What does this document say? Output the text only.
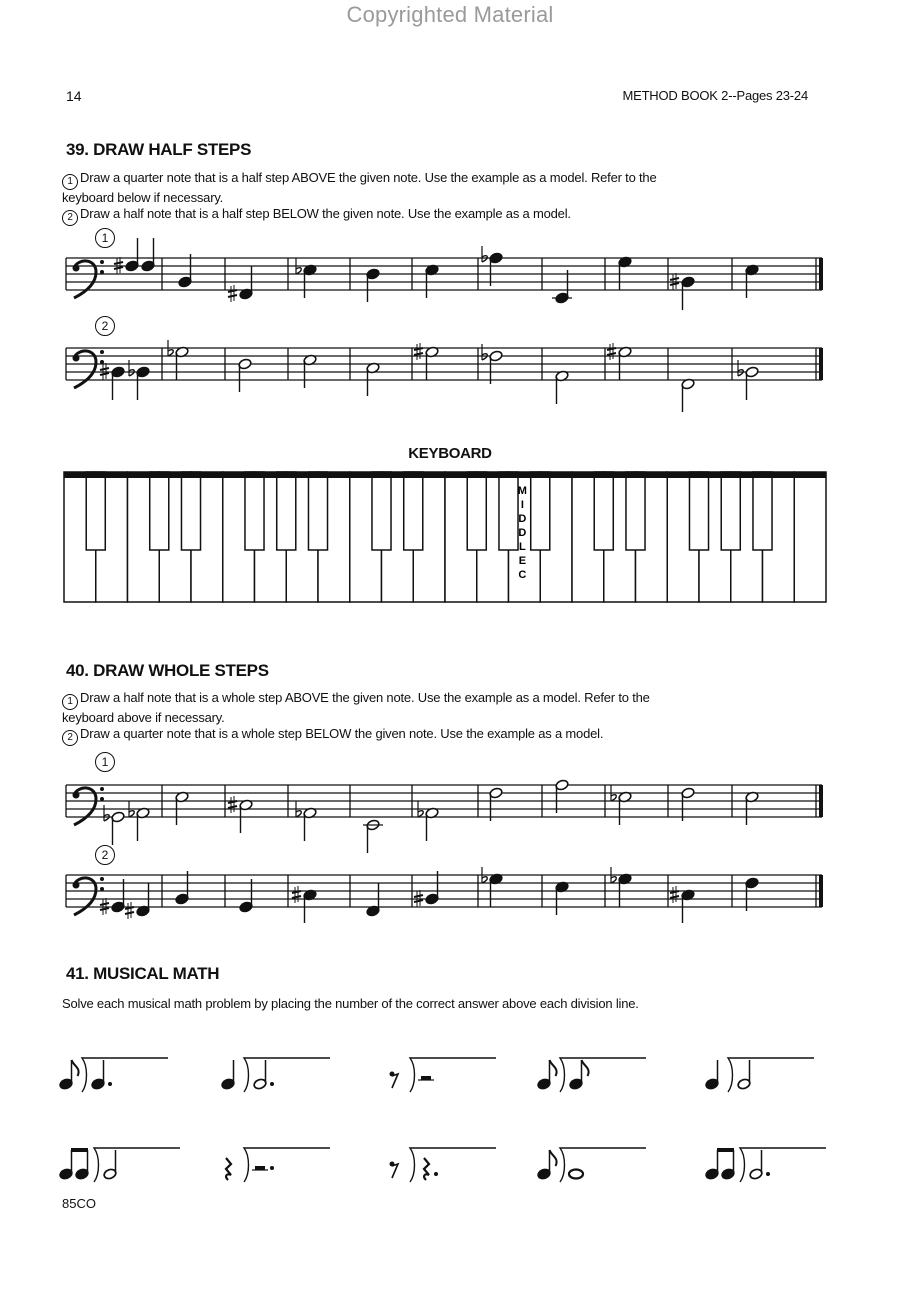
Copyrighted Material
14	METHOD BOOK 2--Pages 23-24
39. DRAW HALF STEPS
1 Draw a quarter note that is a half step ABOVE the given note. Use the example as a model. Refer to the
keyboard below if necessary.
2 Draw a half note that is a half step BELOW the given note. Use the example as a model.
1
2
KEYBOARD
M
I
D
D
L
E
C
40. DRAW WHOLE STEPS
1 Draw a half note that is a whole step ABOVE the given note. Use the example as a model. Refer to the
keyboard above if necessary.
2 Draw a quarter note that is a whole step BELOW the given note. Use the example as a model.
1
2
41. MUSICAL MATH
Solve each musical math problem by placing the number of the correct answer above each division line.
85CO
